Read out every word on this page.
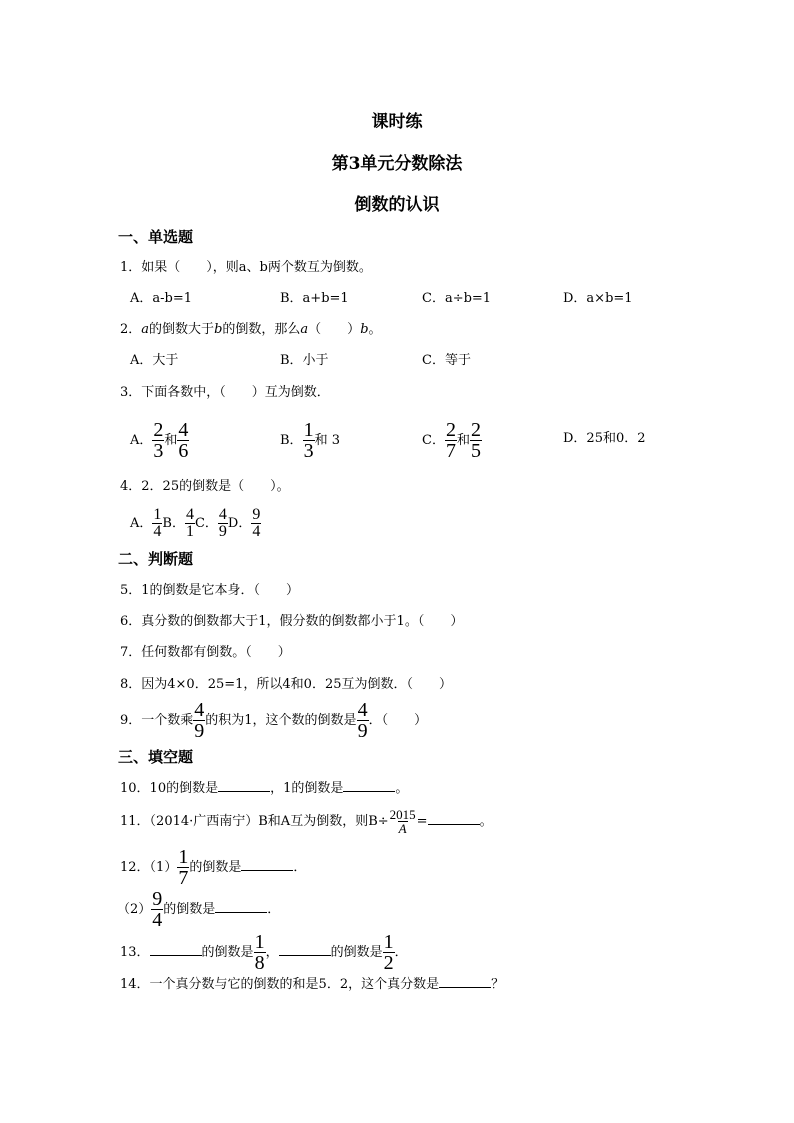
课时练
第3单元分数除法
倒数的认识
一、单选题
1．如果（　　），则a、b两个数互为倒数。
A．a-b=1	B．a+b=1	C．a÷b=1	D．a×b=1
2．a的倒数大于b的倒数，那么a（　　）b。
A．大于	B．小于	C．等于
3．下面各数中，（　　）互为倒数．
A． $\frac{2}{3}$ 和 $\frac{4}{6}$	B． $\frac{1}{3}$ 和 3	C． $\frac{2}{7}$ 和 $\frac{2}{5}$	D．25和0．2
4．2．25的倒数是（　　）。
A． $\frac{1}{4}$ B． $\frac{4}{1}$ C． $\frac{4}{9}$ D． $\frac{9}{4}$
二、判断题
5．1的倒数是它本身．（　　）
6．真分数的倒数都大于1，假分数的倒数都小于1。（　　）
7．任何数都有倒数。（　　）
8．因为4×0．25=1，所以4和0．25互为倒数．（　　）
9．一个数乘 $\frac{4}{9}$ 的积为1，这个数的倒数是 $\frac{4}{9}$ ．（　　）
三、填空题
10．10的倒数是	，1的倒数是	。
11．（2014·广西南宁）B和A互为倒数，则$B\div \frac{2015}{A}$ =	。
12．$(1) \frac{1}{7}$ 的倒数是	．
$(2) \frac{9}{4}$ 的倒数是	．
13．	的倒数是 $\frac{1}{8}$ ，	的倒数是 $\frac{1}{2}$ ．
14．一个真分数与它的倒数的和是5．2，这个真分数是	？
